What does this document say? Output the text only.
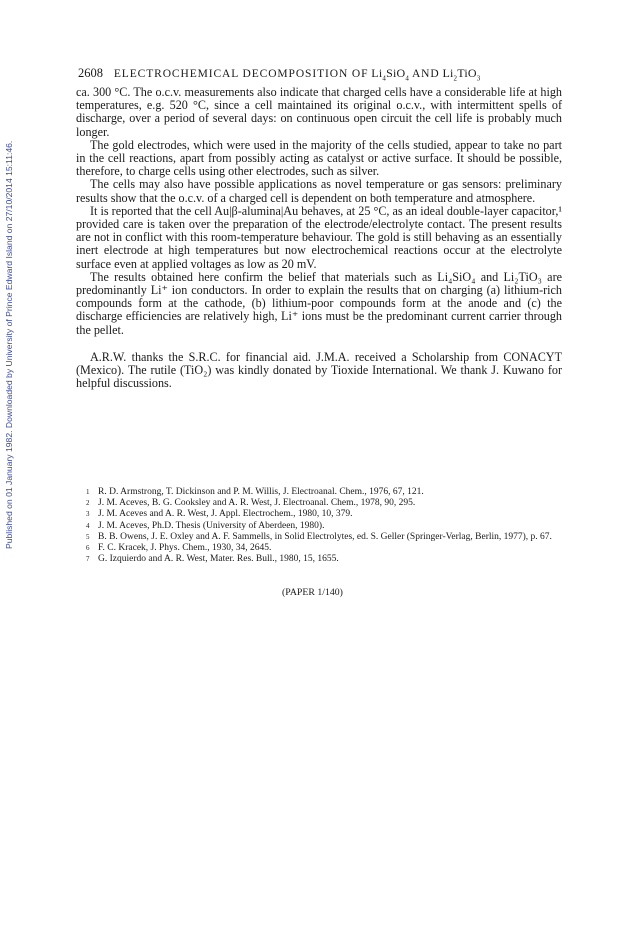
Published on 01 January 1982. Downloaded by University of Prince Edward Island on 27/10/2014 15:11:46.
2608 ELECTROCHEMICAL DECOMPOSITION OF $Li_4SiO_4$ AND $Li_2TiO_3$

ca. 300 °C. The o.c.v. measurements also indicate that charged cells have a considerable life at high temperatures, e.g. 520 °C, since a cell maintained its original o.c.v., with intermittent spells of discharge, over a period of several days: on continuous open circuit the cell life is probably much longer.

The gold electrodes, which were used in the majority of the cells studied, appear to take no part in the cell reactions, apart from possibly acting as catalyst or active surface. It should be possible, therefore, to charge cells using other electrodes, such as silver.

The cells may also have possible applications as novel temperature or gas sensors: preliminary results show that the o.c.v. of a charged cell is dependent on both temperature and atmosphere.

It is reported that the cell Au|β-alumina|Au behaves, at 25 °C, as an ideal double-layer capacitor,¹ provided care is taken over the preparation of the electrode/electrolyte contact. The present results are not in conflict with this room-temperature behaviour. The gold is still behaving as an essentially inert electrode at high temperatures but now electrochemical reactions occur at the electrolyte surface even at applied voltages as low as 20 mV.

The results obtained here confirm the belief that materials such as Li₄SiO₄ and Li₂TiO₃ are predominantly Li⁺ ion conductors. In order to explain the results that on charging (a) lithium-rich compounds form at the cathode, (b) lithium-poor compounds form at the anode and (c) the discharge efficiencies are relatively high, Li⁺ ions must be the predominant current carrier through the pellet.

A.R.W. thanks the S.R.C. for financial aid. J.M.A. received a Scholarship from CONACYT (Mexico). The rutile (TiO₂) was kindly donated by Tioxide International. We thank J. Kuwano for helpful discussions.

1 R. D. Armstrong, T. Dickinson and P. M. Willis, J. Electroanal. Chem., 1976, 67, 121.
2 J. M. Aceves, B. G. Cooksley and A. R. West, J. Electroanal. Chem., 1978, 90, 295.
3 J. M. Aceves and A. R. West, J. Appl. Electrochem., 1980, 10, 379.
4 J. M. Aceves, Ph.D. Thesis (University of Aberdeen, 1980).
5 B. B. Owens, J. E. Oxley and A. F. Sammells, in Solid Electrolytes, ed. S. Geller (Springer-Verlag, Berlin, 1977), p. 67.
6 F. C. Kracek, J. Phys. Chem., 1930, 34, 2645.
7 G. Izquierdo and A. R. West, Mater. Res. Bull., 1980, 15, 1655.
(PAPER 1/140)
